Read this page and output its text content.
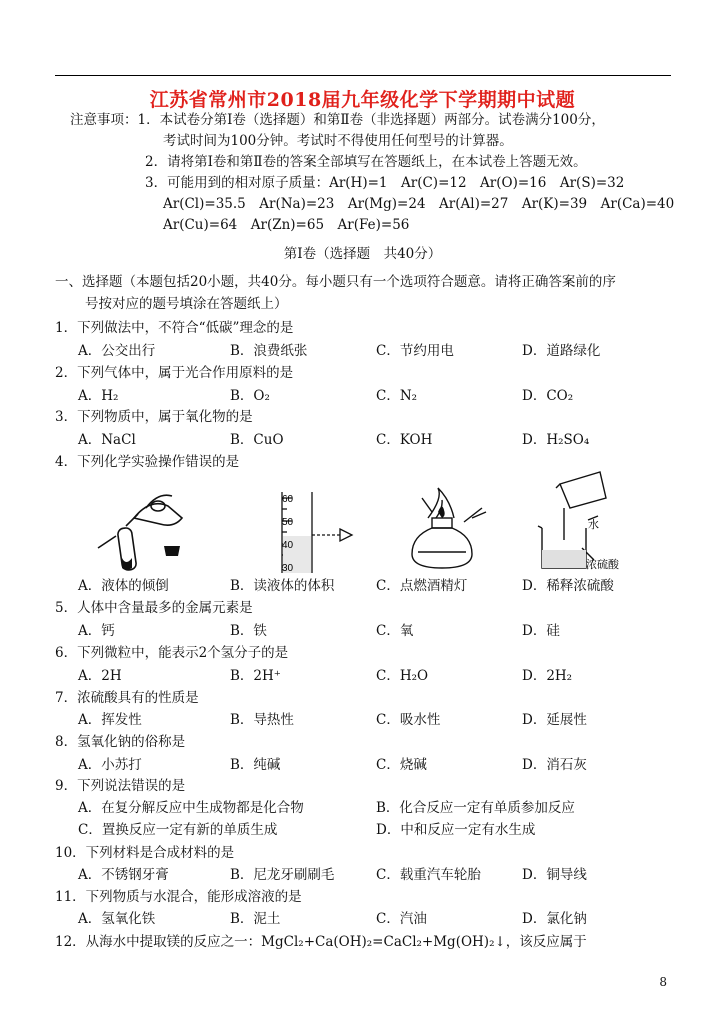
江苏省常州市2018届九年级化学下学期期中试题
注意事项：1．本试卷分第Ⅰ卷（选择题）和第Ⅱ卷（非选择题）两部分。试卷满分100分，
考试时间为100分钟。考试时不得使用任何型号的计算器。
2．请将第Ⅰ卷和第Ⅱ卷的答案全部填写在答题纸上，在本试卷上答题无效。
3．可能用到的相对原子质量：Ar(H)=1　Ar(C)=12　Ar(O)=16　Ar(S)=32
Ar(Cl)=35.5　Ar(Na)=23　Ar(Mg)=24　Ar(Al)=27　Ar(K)=39　Ar(Ca)=40
Ar(Cu)=64　Ar(Zn)=65　Ar(Fe)=56
第Ⅰ卷（选择题　共40分）
一、选择题（本题包括20小题，共40分。每小题只有一个选项符合题意。请将正确答案前的序
号按对应的题号填涂在答题纸上）
1．下列做法中，不符合“低碳”理念的是
A．公交出行	B．浪费纸张	C．节约用电	D．道路绿化
2．下列气体中，属于光合作用原料的是
A．H₂	B．O₂	C．N₂	D．CO₂
3．下列物质中，属于氧化物的是
A．NaCl	B．CuO	C．KOH	D．H₂SO₄
4．下列化学实验操作错误的是
60
50
40
30
水
浓硫酸
A．液体的倾倒	B．读液体的体积	C．点燃酒精灯	D．稀释浓硫酸
5．人体中含量最多的金属元素是
A．钙	B．铁	C．氧	D．硅
6．下列微粒中，能表示2个氢分子的是
A．2H	B．2H⁺	C．H₂O	D．2H₂
7．浓硫酸具有的性质是
A．挥发性	B．导热性	C．吸水性	D．延展性
8．氢氧化钠的俗称是
A．小苏打	B．纯碱	C．烧碱	D．消石灰
9．下列说法错误的是
A．在复分解反应中生成物都是化合物	B．化合反应一定有单质参加反应
C．置换反应一定有新的单质生成	D．中和反应一定有水生成
10．下列材料是合成材料的是
A．不锈钢牙膏	B．尼龙牙刷刷毛	C．载重汽车轮胎	D．铜导线
11．下列物质与水混合，能形成溶液的是
A．氢氧化铁	B．泥土	C．汽油	D．氯化钠
12．从海水中提取镁的反应之一：MgCl₂+Ca(OH)₂=CaCl₂+Mg(OH)₂↓，该反应属于
8
